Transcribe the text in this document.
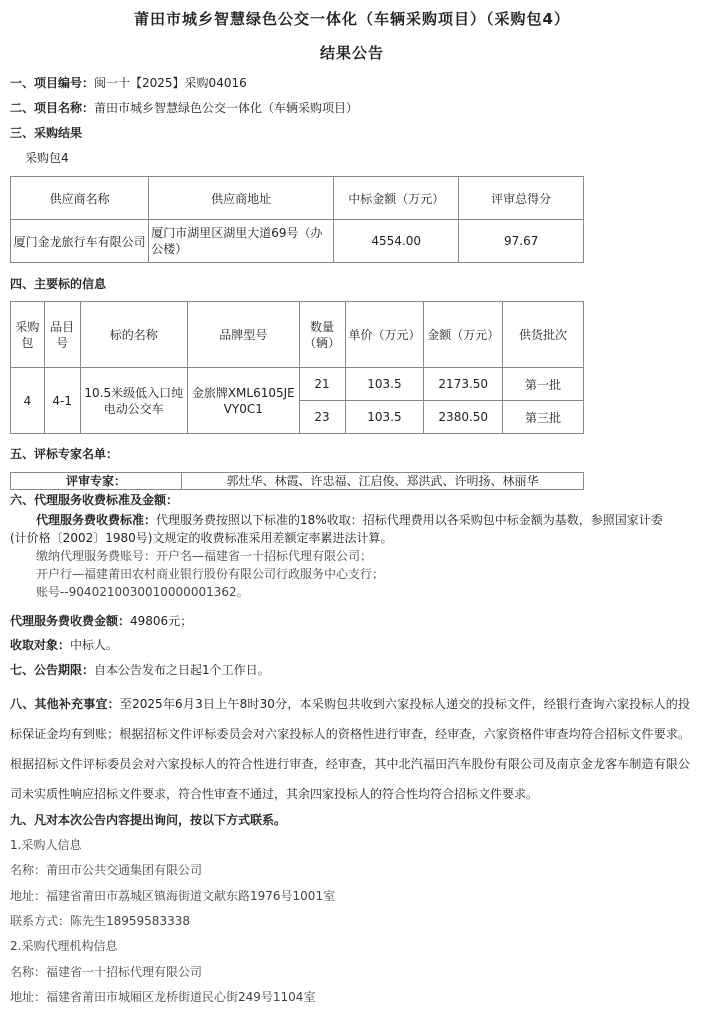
莆田市城乡智慧绿色公交一体化（车辆采购项目）（采购包4）
结果公告
一、项目编号：闽一十【2025】采购04016
二、项目名称：莆田市城乡智慧绿色公交一体化（车辆采购项目）
三、采购结果
采购包4
供应商名称	供应商地址	中标金额（万元）	评审总得分
厦门金龙旅行车有限公司	厦门市湖里区湖里大道69号（办公楼）	4554.00	97.67
四、主要标的信息
采购包	品目号	标的名称	品牌型号	数量（辆）	单价（万元）	金额（万元）	供货批次
4	4-1	10.5米级低入口纯电动公交车	金旅牌XML6105JEVY0C1	21	103.5	2173.50	第一批
				23	103.5	2380.50	第三批
五、评标专家名单：
评审专家：	郭灶华、林霞、许忠福、江启俊、郑洪武、许明扬、林丽华
六、代理服务收费标准及金额：
代理服务费收费标准：代理服务费按照以下标准的18%收取：招标代理费用以各采购包中标金额为基数，参照国家计委
(计价格〔2002〕1980号)文规定的收费标准采用差额定率累进法计算。
缴纳代理服务费账号：开户名—福建省一十招标代理有限公司；
开户行—福建莆田农村商业银行股份有限公司行政服务中心支行；
账号--9040210030010000001362。
代理服务费收费金额：49806元；
收取对象：中标人。
七、公告期限：自本公告发布之日起1个工作日。
八、其他补充事宜：至2025年6月3日上午8时30分，本采购包共收到六家投标人递交的投标文件，经银行查询六家投标人的投标保证金均有到账；根据招标文件评标委员会对六家投标人的资格性进行审查，经审查，六家资格件审查均符合招标文件要求。根据招标文件评标委员会对六家投标人的符合性进行审查，经审查，其中北汽福田汽车股份有限公司及南京金龙客车制造有限公司未实质性响应招标文件要求，符合性审查不通过，其余四家投标人的符合性均符合招标文件要求。
九、凡对本次公告内容提出询问，按以下方式联系。
1.采购人信息
名称：莆田市公共交通集团有限公司
地址：福建省莆田市荔城区镇海街道文献东路1976号1001室
联系方式：陈先生18959583338
2.采购代理机构信息
名称：福建省一十招标代理有限公司
地址：福建省莆田市城厢区龙桥街道民心街249号1104室
